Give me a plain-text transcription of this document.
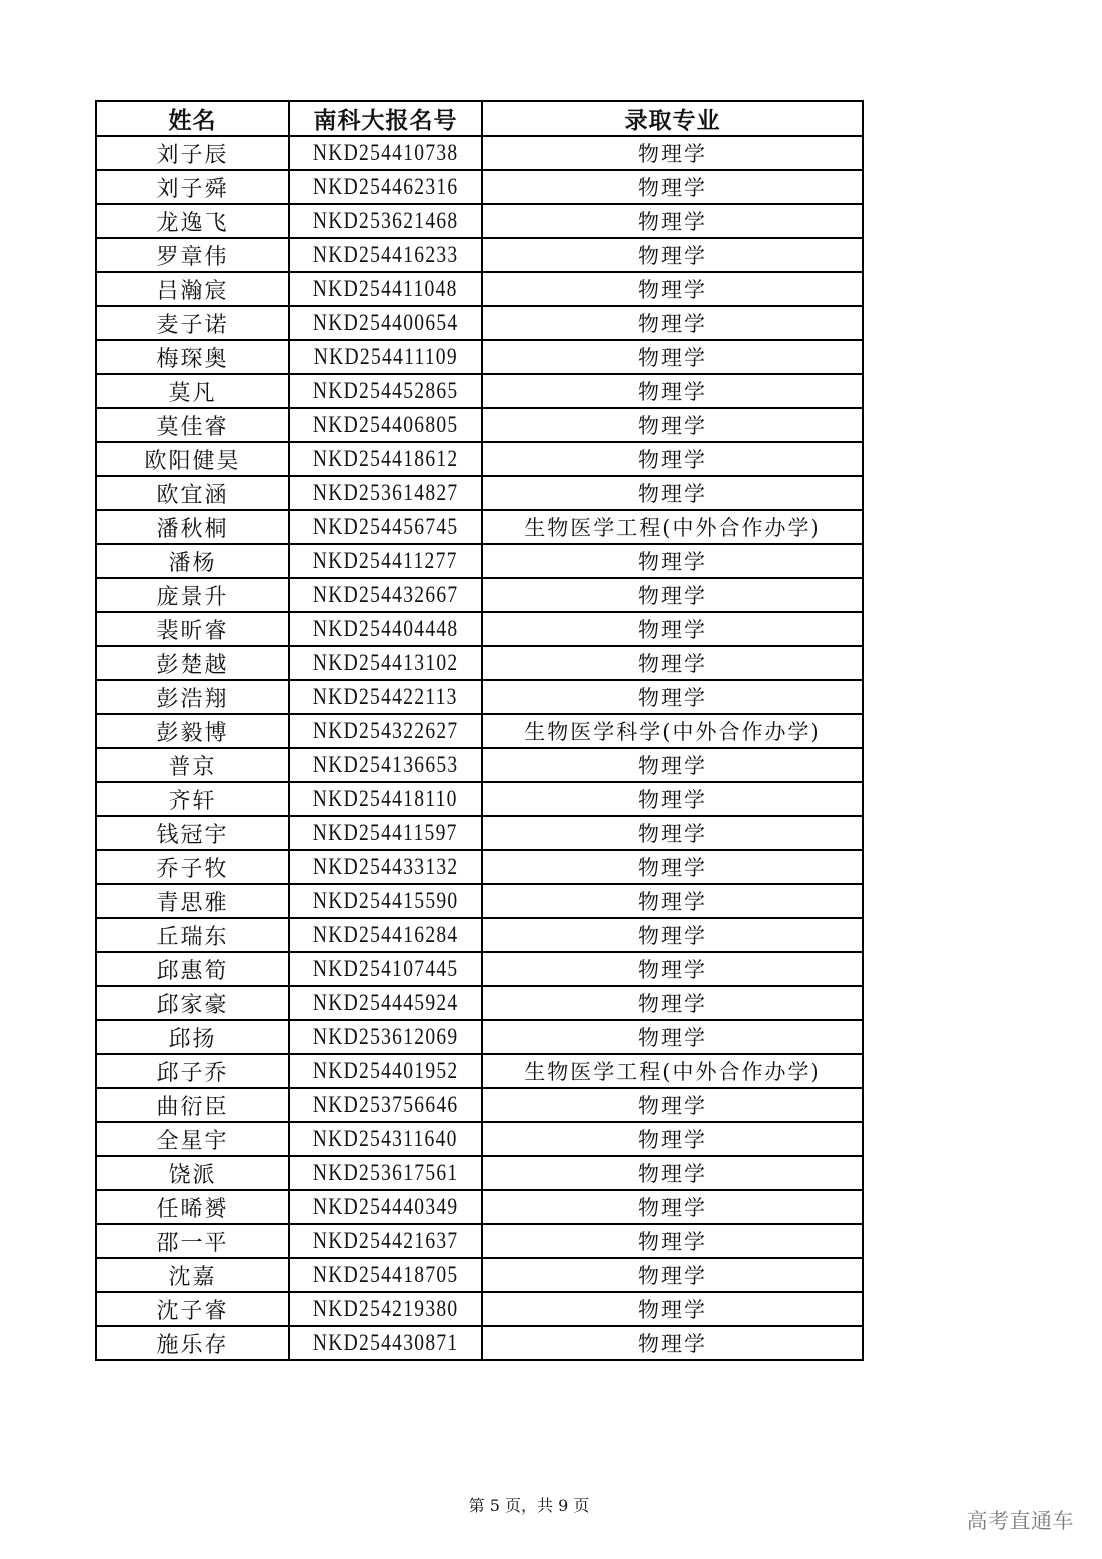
姓名	南科大报名号	录取专业
刘子辰	NKD254410738	物理学
刘子舜	NKD254462316	物理学
龙逸飞	NKD253621468	物理学
罗章伟	NKD254416233	物理学
吕瀚宸	NKD254411048	物理学
麦子诺	NKD254400654	物理学
梅琛奥	NKD254411109	物理学
莫凡	NKD254452865	物理学
莫佳睿	NKD254406805	物理学
欧阳健昊	NKD254418612	物理学
欧宜涵	NKD253614827	物理学
潘秋桐	NKD254456745	生物医学工程(中外合作办学)
潘杨	NKD254411277	物理学
庞景升	NKD254432667	物理学
裴昕睿	NKD254404448	物理学
彭楚越	NKD254413102	物理学
彭浩翔	NKD254422113	物理学
彭毅博	NKD254322627	生物医学科学(中外合作办学)
普京	NKD254136653	物理学
齐轩	NKD254418110	物理学
钱冠宇	NKD254411597	物理学
乔子牧	NKD254433132	物理学
青思雅	NKD254415590	物理学
丘瑞东	NKD254416284	物理学
邱惠筍	NKD254107445	物理学
邱家豪	NKD254445924	物理学
邱扬	NKD253612069	物理学
邱子乔	NKD254401952	生物医学工程(中外合作办学)
曲衍臣	NKD253756646	物理学
全星宇	NKD254311640	物理学
饶派	NKD253617561	物理学
任晞赟	NKD254440349	物理学
邵一平	NKD254421637	物理学
沈嘉	NKD254418705	物理学
沈子睿	NKD254219380	物理学
施乐存	NKD254430871	物理学
第 5 页，共 9 页
高考直通车
